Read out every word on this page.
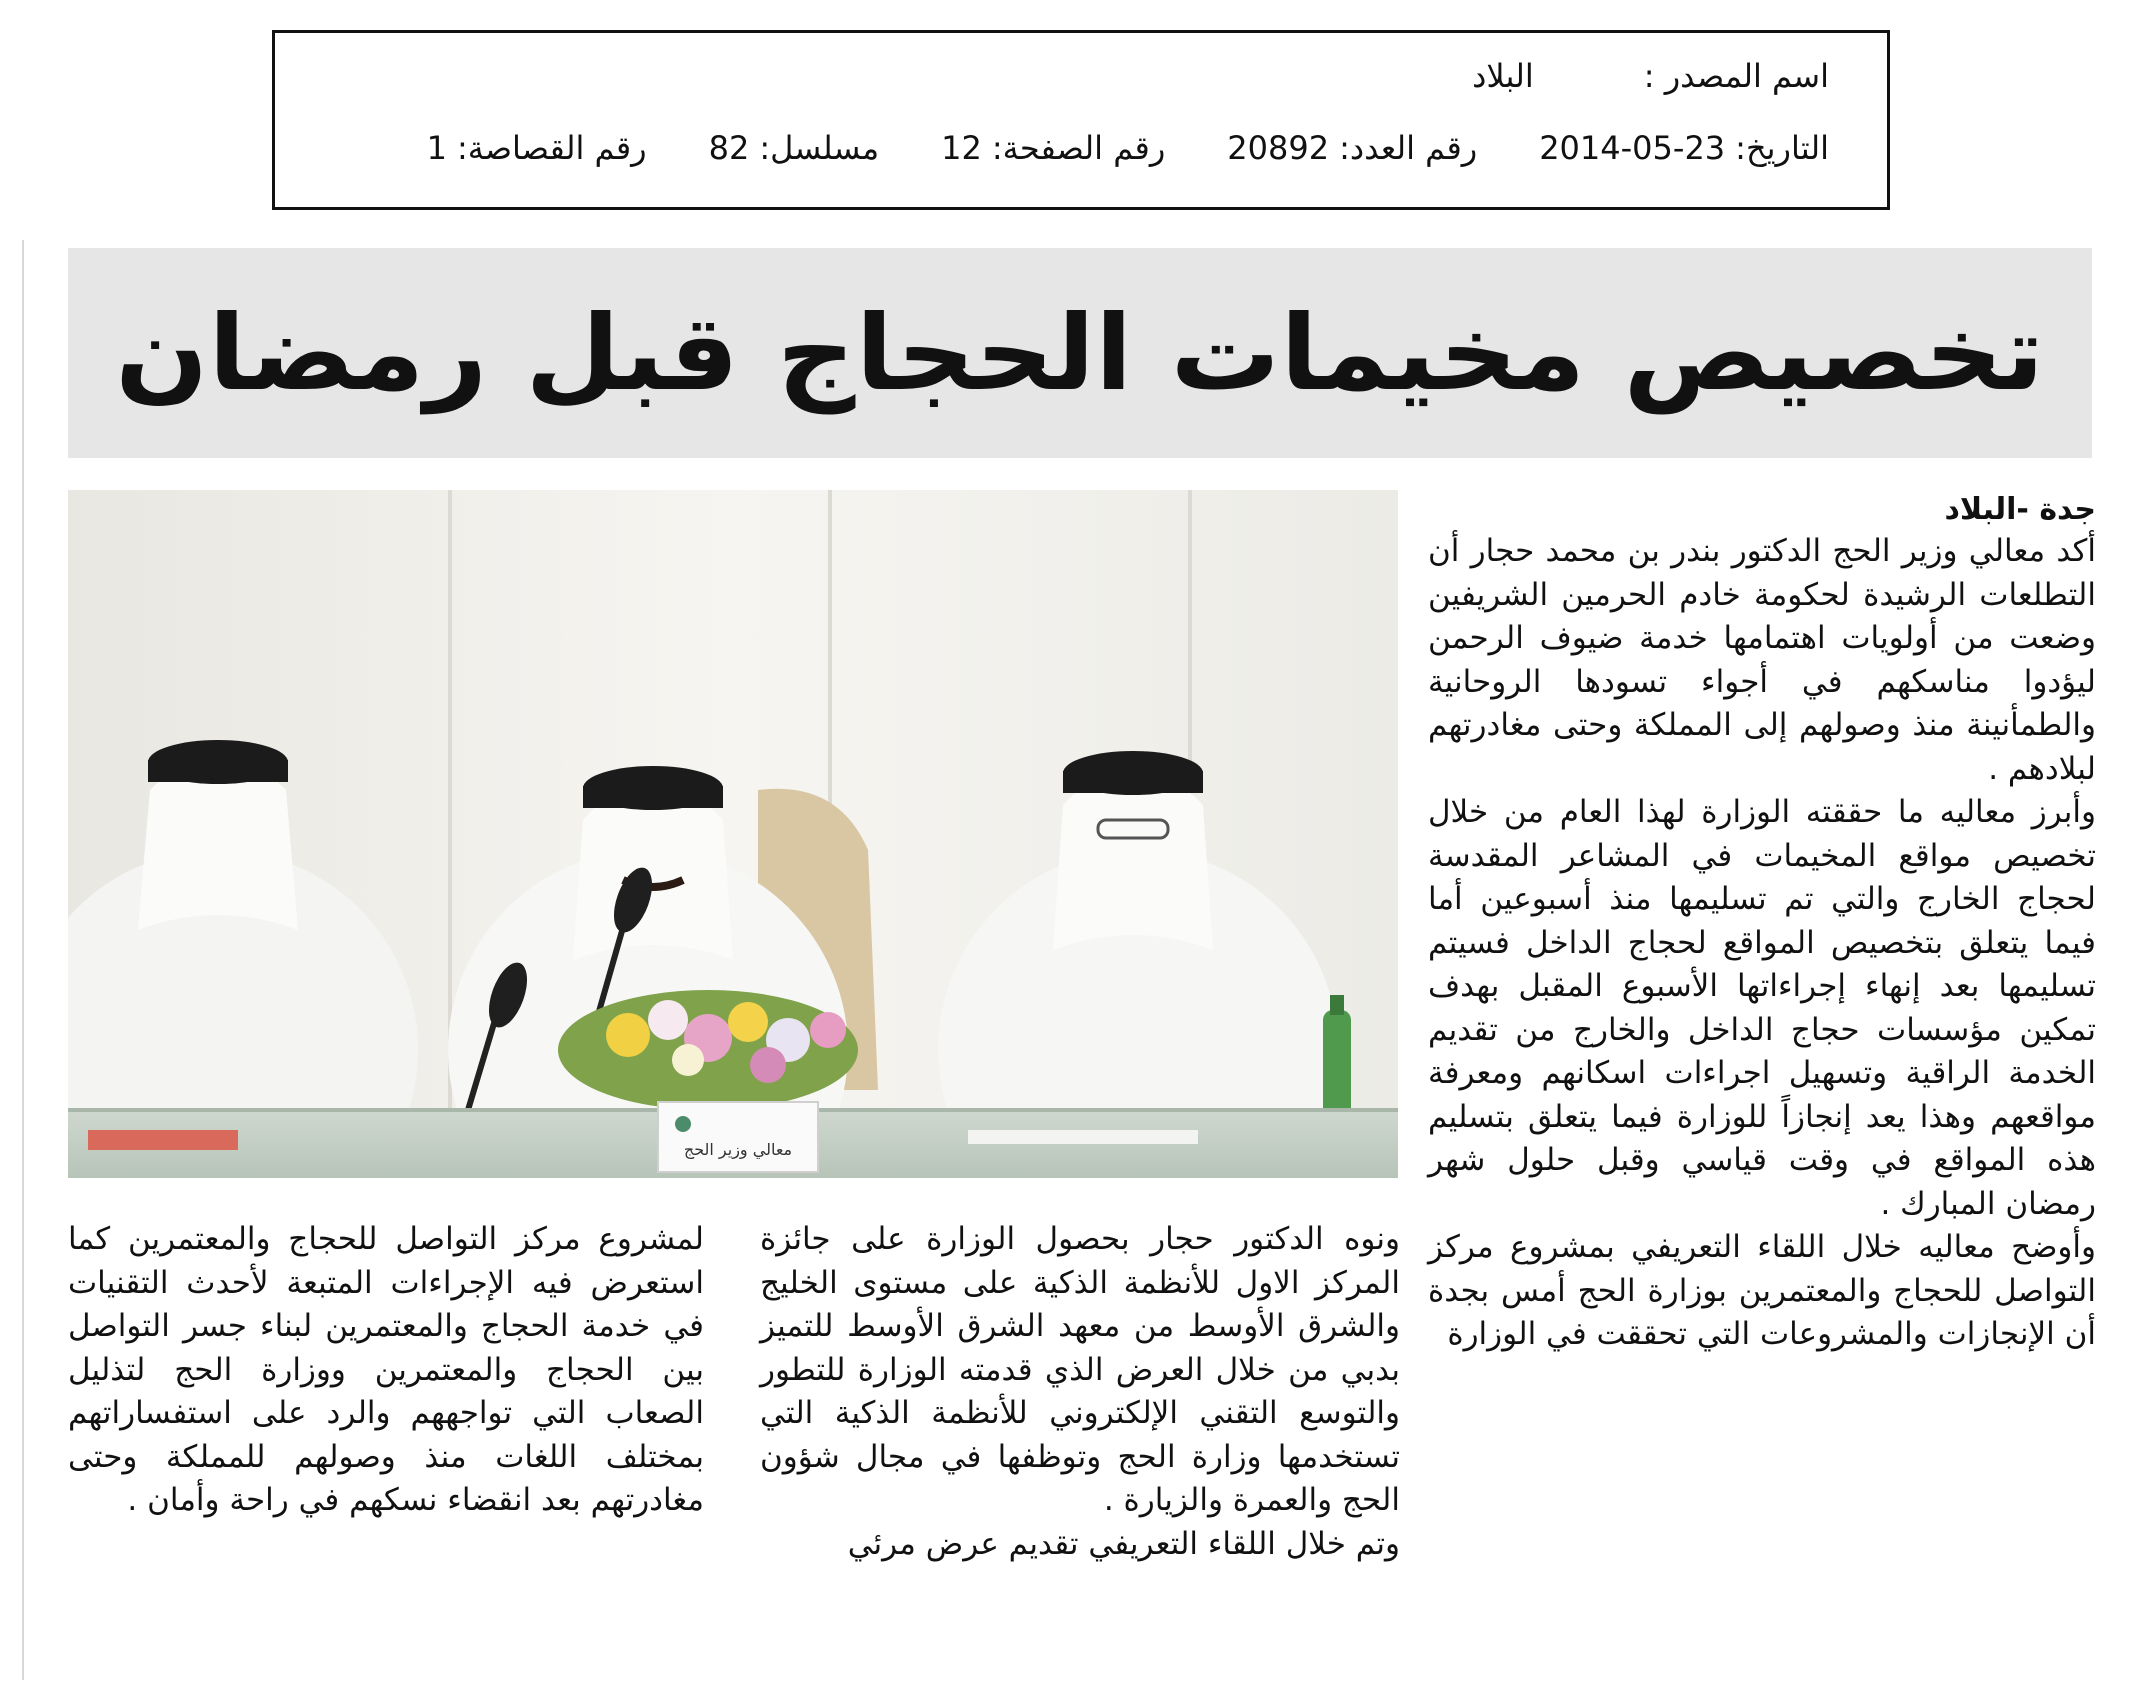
اسم المصدر :
البلاد
التاريخ:
2014-05-23
رقم العدد:
20892
رقم الصفحة:
12
مسلسل:
82
رقم القصاصة:
1
تخصيص مخيمات الحجاج قبل رمضان
معالي وزير الحج

جدة -البلاد

أكد معالي وزير الحج الدكتور بندر بن محمد حجار أن التطلعات الرشيدة لحكومة خادم الحرمين الشريفين وضعت من أولويات اهتمامها خدمة ضيوف الرحمن ليؤدوا مناسكهم في أجواء تسودها الروحانية والطمأنينة منذ وصولهم إلى المملكة وحتى مغادرتهم لبلادهم .

وأبرز معاليه ما حققته الوزارة لهذا العام من خلال تخصيص مواقع المخيمات في المشاعر المقدسة لحجاج الخارج والتي تم تسليمها منذ أسبوعين أما فيما يتعلق بتخصيص المواقع لحجاج الداخل فسيتم تسليمها بعد إنهاء إجراءاتها الأسبوع المقبل بهدف تمكين مؤسسات حجاج الداخل والخارج من تقديم الخدمة الراقية وتسهيل اجراءات اسكانهم ومعرفة مواقعهم وهذا يعد إنجازاً للوزارة فيما يتعلق بتسليم هذه المواقع في وقت قياسي وقبل حلول شهر رمضان المبارك .

وأوضح معاليه خلال اللقاء التعريفي بمشروع مركز التواصل للحجاج والمعتمرين بوزارة الحج أمس بجدة أن الإنجازات والمشروعات التي تحققت في الوزارة

ونوه الدكتور حجار بحصول الوزارة على جائزة المركز الاول للأنظمة الذكية على مستوى الخليج والشرق الأوسط من معهد الشرق الأوسط للتميز بدبي من خلال العرض الذي قدمته الوزارة للتطور والتوسع التقني الإلكتروني للأنظمة الذكية التي تستخدمها وزارة الحج وتوظفها في مجال شؤون الحج والعمرة والزيارة .

وتم خلال اللقاء التعريفي تقديم عرض مرئي

لمشروع مركز التواصل للحجاج والمعتمرين كما استعرض فيه الإجراءات المتبعة لأحدث التقنيات في خدمة الحجاج والمعتمرين لبناء جسر التواصل بين الحجاج والمعتمرين ووزارة الحج لتذليل الصعاب التي تواجههم والرد على استفساراتهم بمختلف اللغات منذ وصولهم للمملكة وحتى مغادرتهم بعد انقضاء نسكهم في راحة وأمان .
